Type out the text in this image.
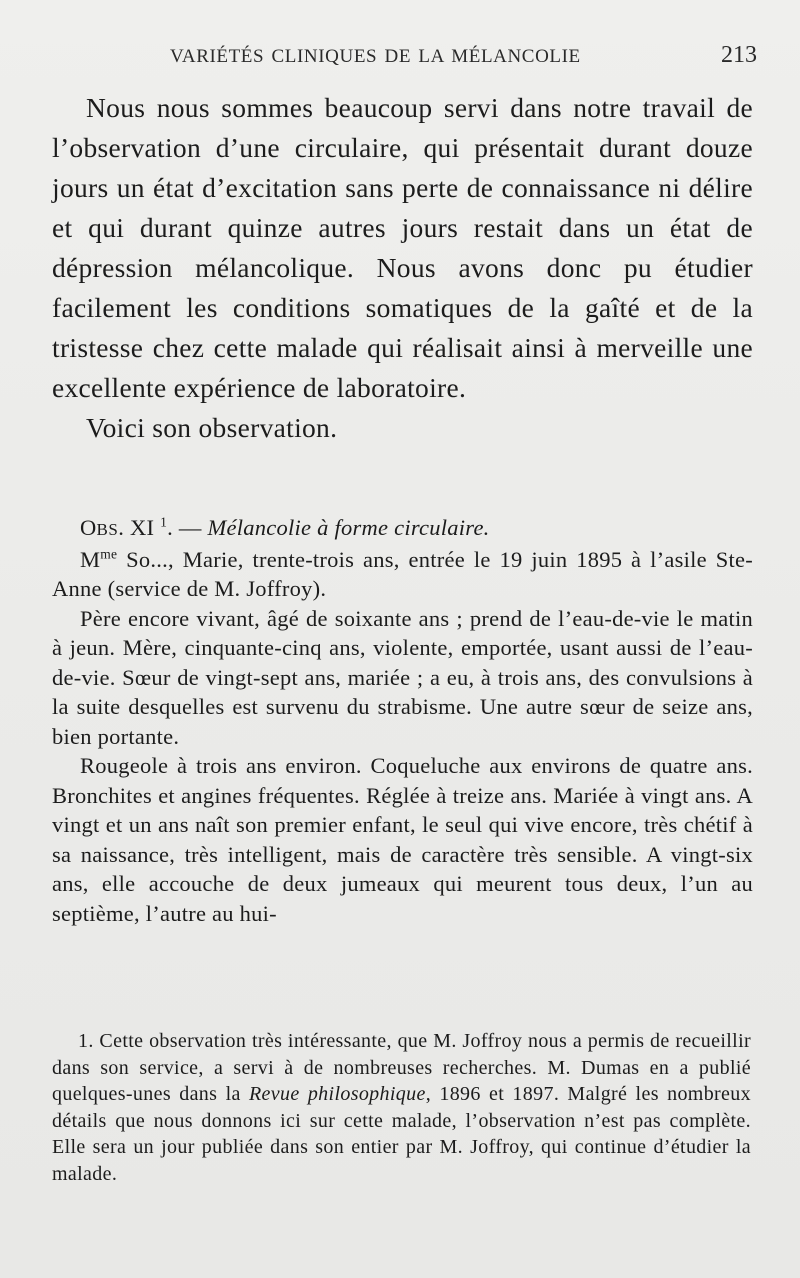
VARIÉTÉS CLINIQUES DE LA MÉLANCOLIE	213

Nous nous sommes beaucoup servi dans notre travail de l’observation d’une circulaire, qui présentait durant douze jours un état d’excitation sans perte de connaissance ni délire et qui durant quinze autres jours restait dans un état de dépression mélancolique. Nous avons donc pu étudier facilement les conditions somatiques de la gaîté et de la tristesse chez cette malade qui réalisait ainsi à merveille une excellente expérience de laboratoire.

Voici son observation.

OBS. XI $^1$. — Mélancolie à forme circulaire.

$M^{me}$ So..., Marie, trente-trois ans, entrée le 19 juin 1895 à l’asile Ste-Anne (service de M. Joffroy).

Père encore vivant, âgé de soixante ans ; prend de l’eau-de-vie le matin à jeun. Mère, cinquante-cinq ans, violente, emportée, usant aussi de l’eau-de-vie. Sœur de vingt-sept ans, mariée ; a eu, à trois ans, des convulsions à la suite desquelles est survenu du strabisme. Une autre sœur de seize ans, bien portante.

Rougeole à trois ans environ. Coqueluche aux environs de quatre ans. Bronchites et angines fréquentes. Réglée à treize ans. Mariée à vingt ans. A vingt et un ans naît son premier enfant, le seul qui vive encore, très chétif à sa naissance, très intelligent, mais de caractère très sensible. A vingt-six ans, elle accouche de deux jumeaux qui meurent tous deux, l’un au septième, l’autre au hui-

1. Cette observation très intéressante, que M. Joffroy nous a permis de recueillir dans son service, a servi à de nombreuses recherches. M. Dumas en a publié quelques-unes dans la Revue philosophique, 1896 et 1897. Malgré les nombreux détails que nous donnons ici sur cette malade, l’observation n’est pas complète. Elle sera un jour publiée dans son entier par M. Joffroy, qui continue d’étudier la malade.
